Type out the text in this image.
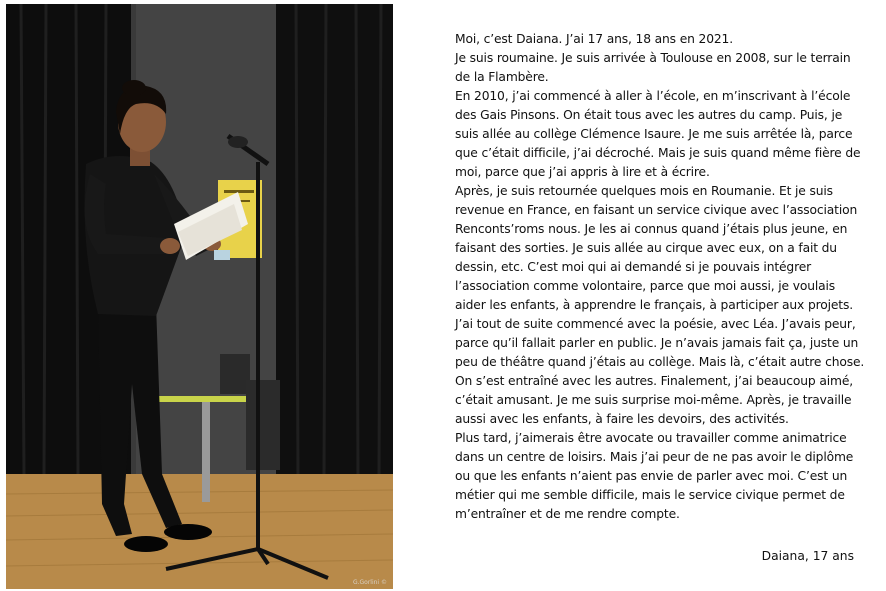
G.Gorlini ©

Moi, c’est Daiana. J’ai 17 ans, 18 ans en 2021.

Je suis roumaine. Je suis arrivée à Toulouse en 2008, sur le terrain de la Flambère.

En 2010, j’ai commencé à aller à l’école, en m’inscrivant à l’école des Gais Pinsons. On était tous avec les autres du camp. Puis, je suis allée au collège Clémence Isaure. Je me suis arrêtée là, parce que c’était difficile, j’ai décroché. Mais je suis quand même fière de moi, parce que j’ai appris à lire et à écrire.

Après, je suis retournée quelques mois en Roumanie. Et je suis revenue en France, en faisant un service civique avec l’association Renconts’roms nous. Je les ai connus quand j’étais plus jeune, en faisant des sorties. Je suis allée au cirque avec eux, on a fait du dessin, etc. C’est moi qui ai demandé si je pouvais intégrer l’association comme volontaire, parce que moi aussi, je voulais aider les enfants, à apprendre le français, à participer aux projets. J’ai tout de suite commencé avec la poésie, avec Léa. J’avais peur, parce qu’il fallait parler en public. Je n’avais jamais fait ça, juste un peu de théâtre quand j’étais au collège. Mais là, c’était autre chose. On s’est entraîné avec les autres. Finalement, j’ai beaucoup aimé, c’était amusant. Je me suis surprise moi-même. Après, je travaille aussi avec les enfants, à faire les devoirs, des activités.

Plus tard, j’aimerais être avocate ou travailler comme animatrice dans un centre de loisirs. Mais j’ai peur de ne pas avoir le diplôme ou que les enfants n’aient pas envie de parler avec moi. C’est un métier qui me semble difficile, mais le service civique permet de m’entraîner et de me rendre compte.

Daiana, 17 ans
